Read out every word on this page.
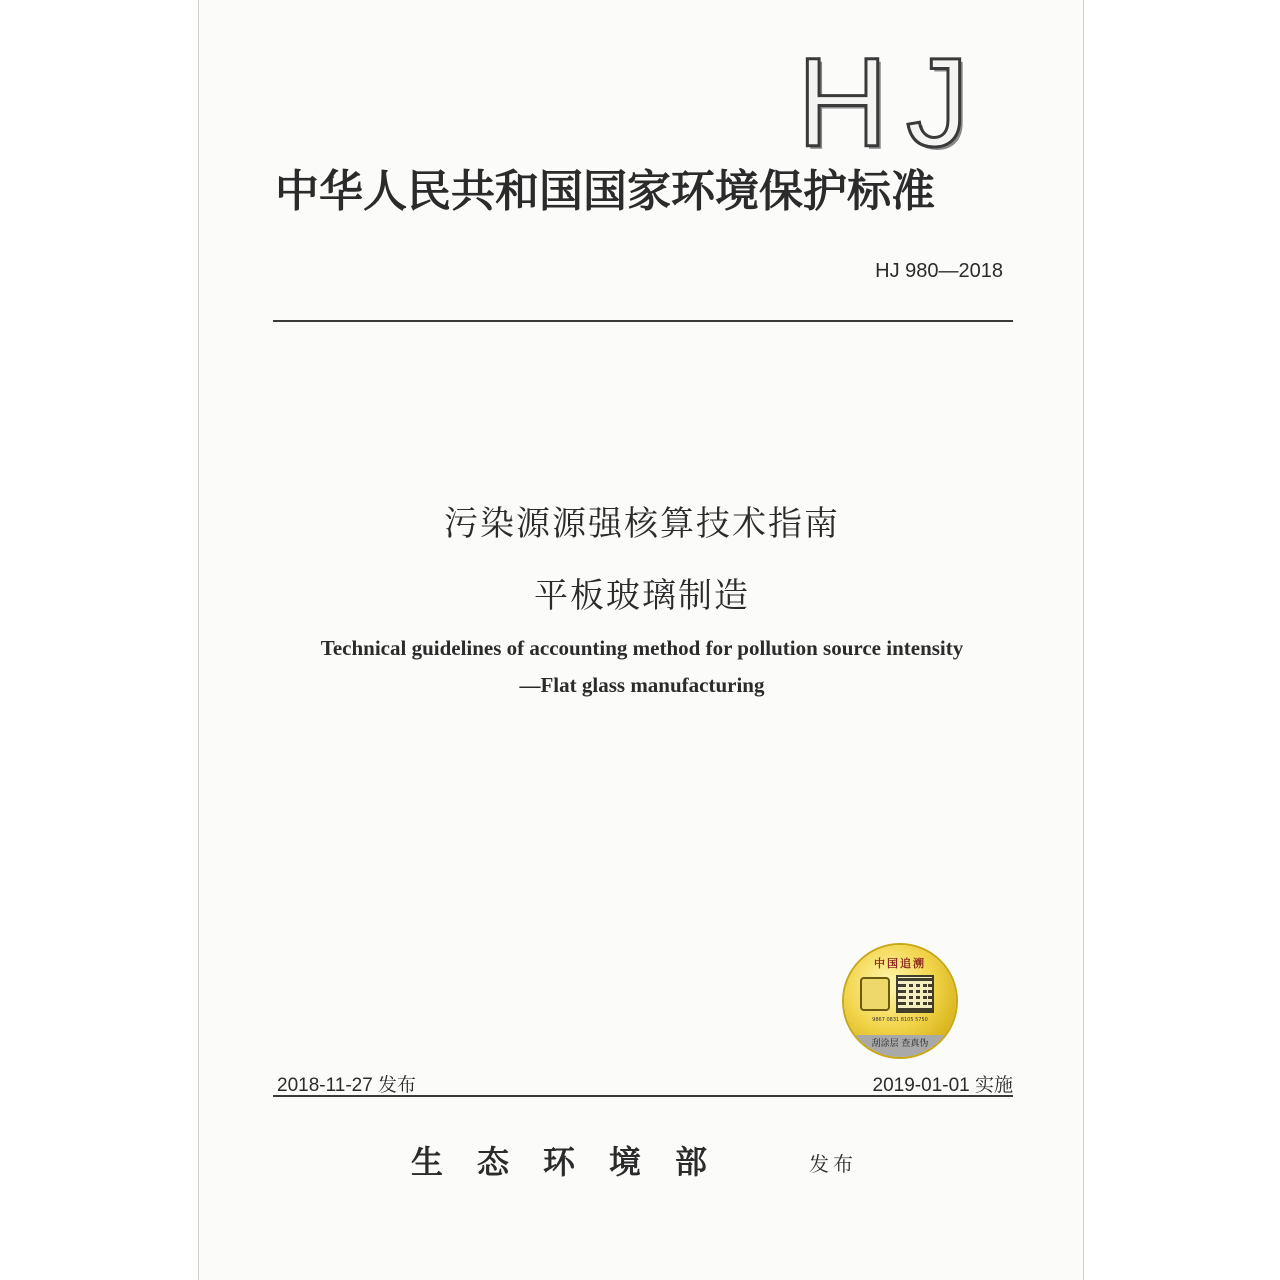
HJ
中华人民共和国国家环境保护标准
HJ 980—2018
污染源源强核算技术指南
平板玻璃制造
Technical guidelines of accounting method for pollution source intensity
—Flat glass manufacturing
中国追溯
9867 0831 8105 5750
刮涂层 查真伪
2018-11-27 发布	2019-01-01 实施
生态环境部	发布
